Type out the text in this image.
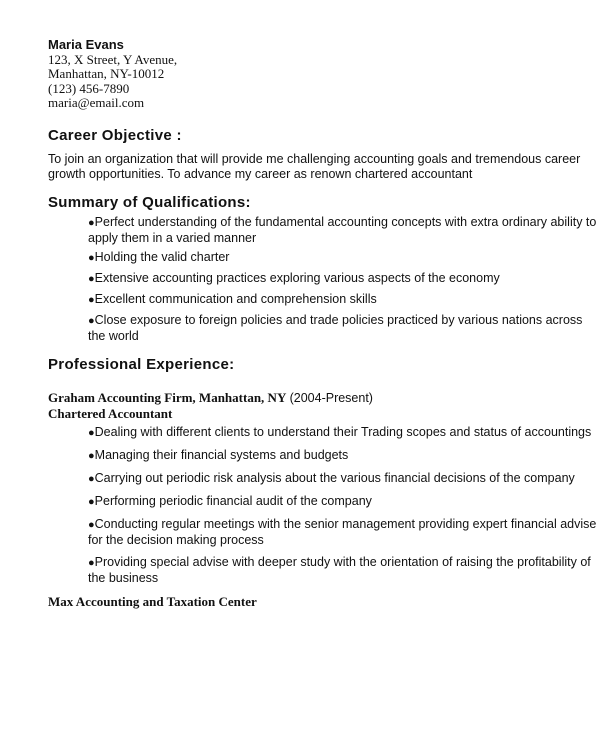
Maria Evans
123, X Street, Y Avenue,
Manhattan, NY-10012
(123) 456-7890
maria@email.com
Career Objective :

To join an organization that will provide me challenging accounting goals and tremendous career growth opportunities. To advance my career as renown chartered accountant

Summary of Qualifications:
●Perfect understanding of the fundamental accounting concepts with extra ordinary ability to apply them in a varied manner
●Holding the valid charter
●Extensive accounting practices exploring various aspects of the economy
●Excellent communication and comprehension skills
●Close exposure to foreign policies and trade policies practiced by various nations across the world
Professional Experience:

Graham Accounting Firm, Manhattan, NY (2004-Present)

Chartered Accountant

●Dealing with different clients to understand their Trading scopes and status of accountings
●Managing their financial systems and budgets
●Carrying out periodic risk analysis about the various financial decisions of the company
●Performing periodic financial audit of the company
●Conducting regular meetings with the senior management providing expert financial advise for the decision making process
●Providing special advise with deeper study with the orientation of raising the profitability of the business

Max Accounting and Taxation Center
